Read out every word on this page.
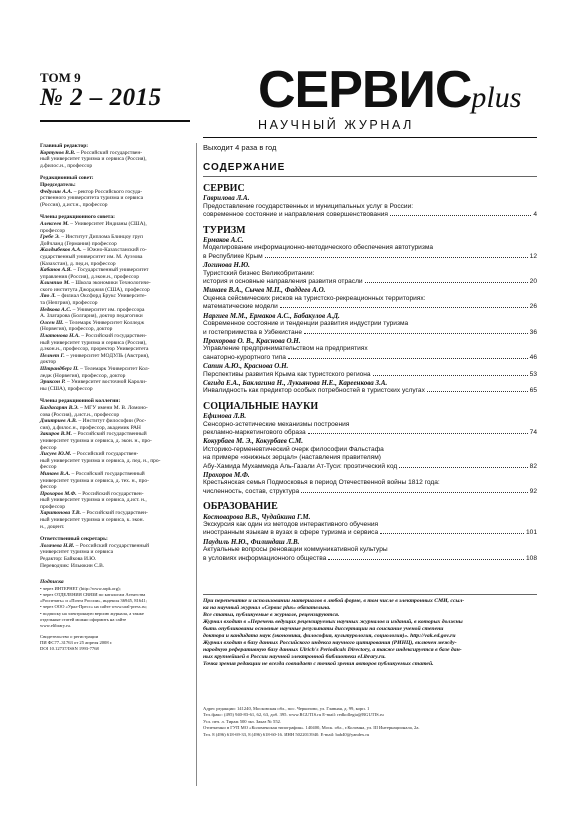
ТОМ 9
№ 2 – 2015 СЕРВИСplus
НАУЧНЫЙ ЖУРНАЛ
Главный редактор:
Кортунов В.В. – Российский государствен-
ный университет туризма и сервиса (Россия),
д.филос.н., профессор
Редакционный совет:
Председатель:
Федулин А.А. – ректор Российского госуда-
рственного университета туризма и сервиса
(Россия), д.ист.н., профессор
Члены редакционного совета:
Алексеев М. – Университет Индианы (США),
профессор
Гребе Э. – Институт Диплома Блинцоу груп
Дойчланд (Германия) профессор
Жалдыбеков А.А. – Южно-Казахстанский го-
сударственный университет им. М. Ауэзова
(Казахстан), д. пед.н, профессор
Кабанов А.Я. – Государственный университет
управления (Россия), д.экон.н., профессор
Климпио М. – Школа экономики Технологиче-
ского института Джорджия (США), профессор
Ляо Л. – филиал Оксфорд Брукс Университе-
та (Непгрия), профессор
Недкова А.С. – Университет им. профессора
А. Златарова (Болгария), доктор педагогики
Олсен Ш. – Телемарк Университет Колледж
(Норвегия), профессор, доктор
Платонова Н.А. – Российский государствен-
ный университет туризма и сервиса (Россия),
д.экон.н., профессор, проректор Университета
Пелнет Г. – университет МОДУЛЬ (Австрия),
доктор
Штрандберг П. – Телемарк Университет Кол-
ледж (Норвегия), профессор, доктор
Эриксон Р. – Университет восточной Кароли-
ны (США), профессор
Члены редакционной коллегии:
Багдасарян В.Э. – МГУ имени М. В. Ломоно-
сова (Россия), д.ист.н., профессор
Дмитриев А.В. – Институт философии (Рос-
сия), д.филос.н., профессор, академик РАН
Закиров В.М. – Российский государственный
университет туризма и сервиса, д. экон. н., про-
фессор
Лисуев Ю.М. – Российский государствен-
ный университет туризма и сервиса, д. пед. н., про-
фессор
Минаев В.А. – Российский государственный
университет туризма и сервиса, д. тех. н., про-
фессор
Прохоров М.Ф. – Российский государствен-
ный университет туризма и сервиса, д.ист. н.,
профессор
Харитонова Т.В. – Российский государствен-
ный университет туризма и сервиса, к. экон.
н., доцент.
Ответственный секретарь:
Логачева Н.И. – Российский государственный
университет туризма и сервиса
Редактор: Байкова И.Ю.
Переводчик: Ильюкин С.В.
Подписка
• через ИНТЕРНЕТ (http://www.arpk.org);
• через ОТДЕЛЕНИЯ СВЯЗИ по каталогам Агентства
«Роспечать» и «Почта России», индексы 36945, 81641;
• через ООО «Урал-Пресс» на сайте www.ural-press.ru;
• подписку на электронную версию журнала, а также
отдельные статей можно оформить на сайте
www.elibrary.ru.
Свидетельство о регистрации
ПИ ФС77–31763 от 25 апреля 2008 г.
DOI 10.12737/ISSN 1993-7768
Выходит 4 раза в год
СОДЕРЖАНИЕ
СЕРВИС
Гаврилова Л.А.
Предоставление государственных и муниципальных услуг в России:
современное состояние и направления совершенствования	4
ТУРИЗМ
Ермаков А.С.
Моделирование информационно-методического обеспечения автотуризма
в Республике Крым	12
Логинова Н.Ю.
Туристский бизнес Великобритании:
история и основные направления развития отрасли	20
Минаев В.А., Сычев М.П., Фаддеев А.О.
Оценка сейсмических рисков на туристско-рекреационных территориях:
математические модели	26
Наргиев М.М., Ермаков А.С., Бабакулов А.Д.
Современное состояние и тенденции развития индустрии туризма
и гостеприимства в Узбекистане	36
Прохорова О. В., Краснова О.Н.
Управление предпринимательством на предприятиях
санаторно-курортного типа	46
Сапин А.Ю., Краснова О.Н.
Перспективы развития Крыма как туристского региона	53
Свгида Е.А., Баклагина Н., Лукьянова Н.Е., Кареенкова З.А.
Инвалидность как предиктор особых потребностей в туристских услугах	65
СОЦИАЛЬНЫЕ НАУКИ
Ефимова Л.В.
Сенсорно-эстетические механизмы построения
рекламно-маркетингового образа	74
Кокурбаев М. Э., Кокурбаев С.М.
Историко-герменевтический очерк философии Фальстафа
на примере «книжных зерцал» (наставления правителям)
Абу-Хамида Мухаммеда Аль-Газали Ат-Туси: проэтический код	82
Прохоров М.Ф.
Крестьянская семья Подмосковья в период Отечественной войны 1812 года:
численность, состав, структура	92
ОБРАЗОВАНИЕ
Костоварова В.В., Чудайкина Г.М.
Экскурсия как один из методов интерактивного обучения
иностранным языкам в вузах в сфере туризма и сервиса	101
Паудиль Н.Ю., Филиндаш Л.В.
Актуальные вопросы реновации коммуникативной культуры
в условиях информационного общества	108
При перепечатке и использовании материалов в любой форме, в том числе в электронных СМИ, ссыл-
ка на научный журнал «Сервис plus» обязательна.
Все статьи, публикуемые в журнале, рецензируются.
Журнал входит в «Перечень ведущих рецензируемых научных журналов и изданий, в которых должны
быть опубликованы основные научные результаты диссертации на соискание ученой степени
доктора и кандидата наук (экономика, философия, культурология, социология)». http://vak.ed.gov.ru
Журнал входит в базу данных Российского индекса научного цитирования (РИНЦ), включен между-
народную реферативную базу данных Ulrich's Periodicals Directory, а также индексируется в базе дан-
ных крупнейшей в России научной электронной библиотеки eLibrary.ru.
Точка зрения редакции не всегда совпадает с точкой зрения авторов публикуемых статей.
Адрес редакции: 141240, Московская обл., пос. Черкизово, ул. Главная, д. 99, корп. 1
Тел./факс: (495) 940-83-61, 62, 63, доб. 395. www.RGUTIS.ru E-mail: redkollegia@RGUTIS.ru
Усл. печ. л. Тираж 500 экз. Заказ № 552.
Отпечатано в ГУП МО «Коломенская типография». 140400, Моск. обл., г.Коломна, ул. III Интернационала, 2а.
Тел. 8 (496) 618-69-33, 8 (496) 618-60-16. ИНН 5022013940. E-mail: bab40@yandex.ru
